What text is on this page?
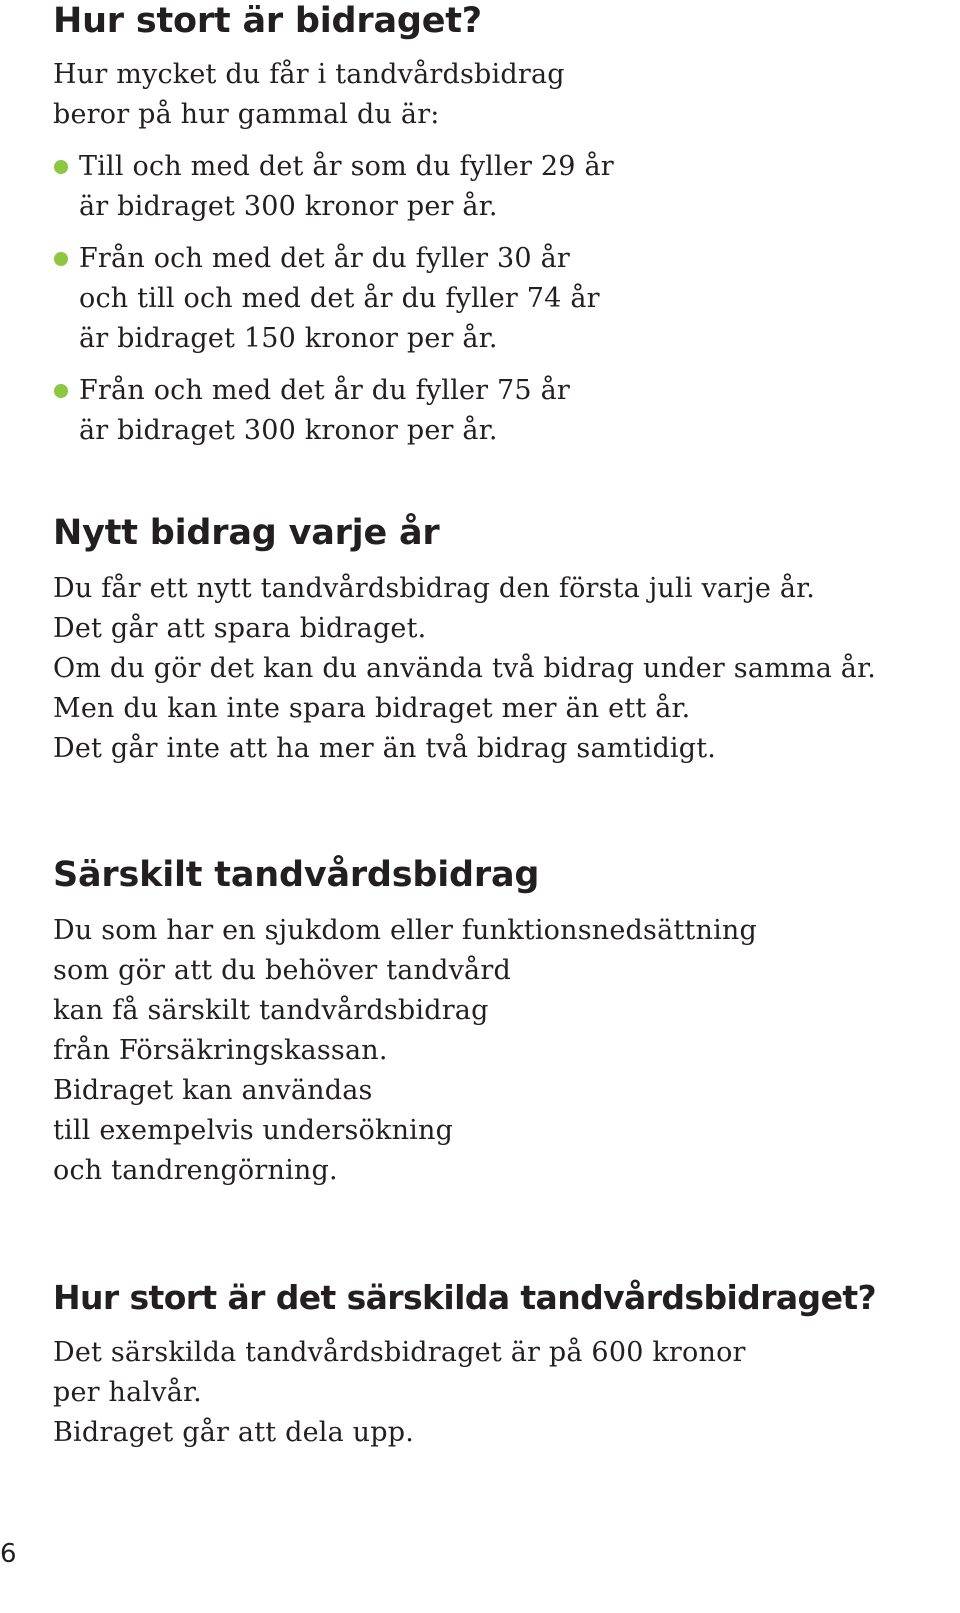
Hur stort är bidraget?

Hur mycket du får i tandvårdsbidrag
beror på hur gammal du är:

Till och med det år som du fyller 29 år
är bidraget 300 kronor per år.
Från och med det år du fyller 30 år
och till och med det år du fyller 74 år
är bidraget 150 kronor per år.
Från och med det år du fyller 75 år
är bidraget 300 kronor per år.
Nytt bidrag varje år

Du får ett nytt tandvårdsbidrag den första juli varje år.
Det går att spara bidraget.
Om du gör det kan du använda två bidrag under samma år.
Men du kan inte spara bidraget mer än ett år.
Det går inte att ha mer än två bidrag samtidigt.

Särskilt tandvårdsbidrag

Du som har en sjukdom eller funktionsnedsättning
som gör att du behöver tandvård
kan få särskilt tandvårdsbidrag
från Försäkringskassan.
Bidraget kan användas
till exempelvis undersökning
och tandrengörning.

Hur stort är det särskilda tandvårdsbidraget?

Det särskilda tandvårdsbidraget är på 600 kronor
per halvår.
Bidraget går att dela upp.

6
